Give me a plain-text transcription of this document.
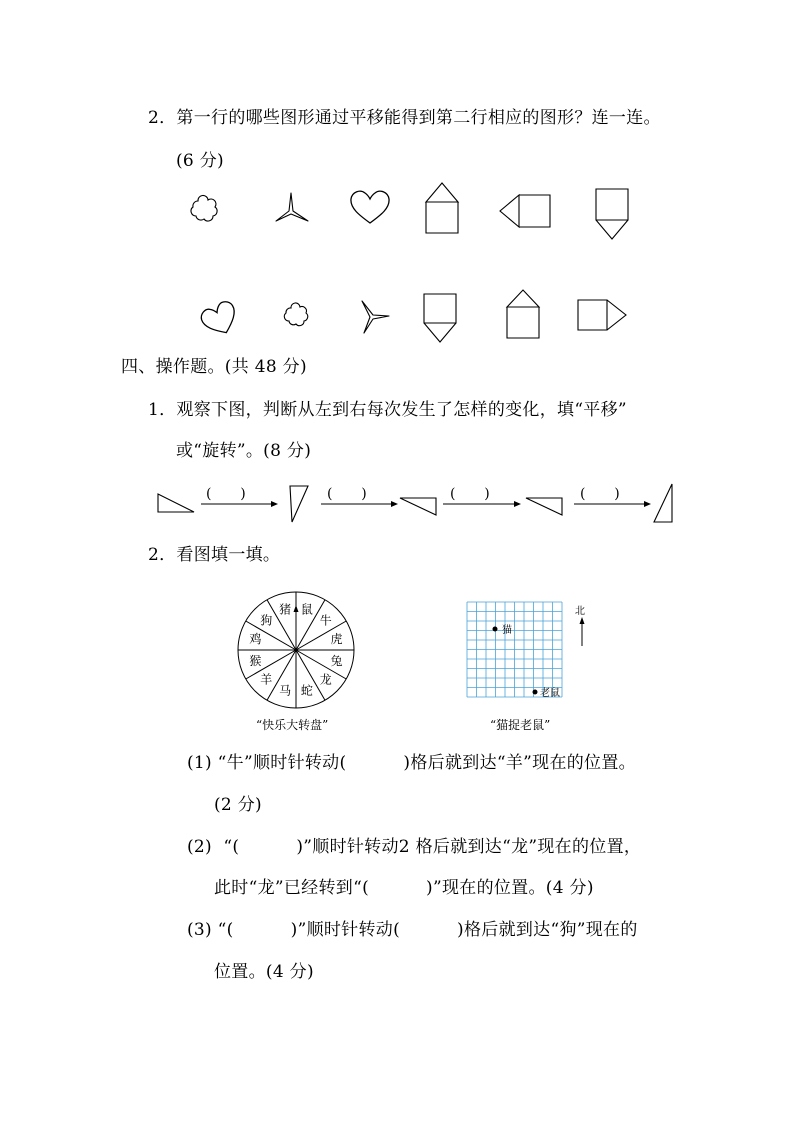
2．第一行的哪些图形通过平移能得到第二行相应的图形？连一连。
(6 分)
四、操作题。(共 48 分)
1．观察下图，判断从左到右每次发生了怎样的变化，填“平移”
或“旋转”。(8 分)
(      )	(      )	(      )	(      )
2．看图填一填。
鼠
牛
虎
兔
龙
蛇
马
羊
猴
鸡
狗
猪
“快乐大转盘”
北
猫
老鼠
“猫捉老鼠”
(1) “牛”顺时针转动(          )格后就到达“羊”现在的位置。
(2 分)
(2)  “(          )”顺时针转动2 格后就到达“龙”现在的位置，
此时“龙”已经转到“(          )”现在的位置。(4 分)
(3) “(          )”顺时针转动(          )格后就到达“狗”现在的
位置。(4 分)
